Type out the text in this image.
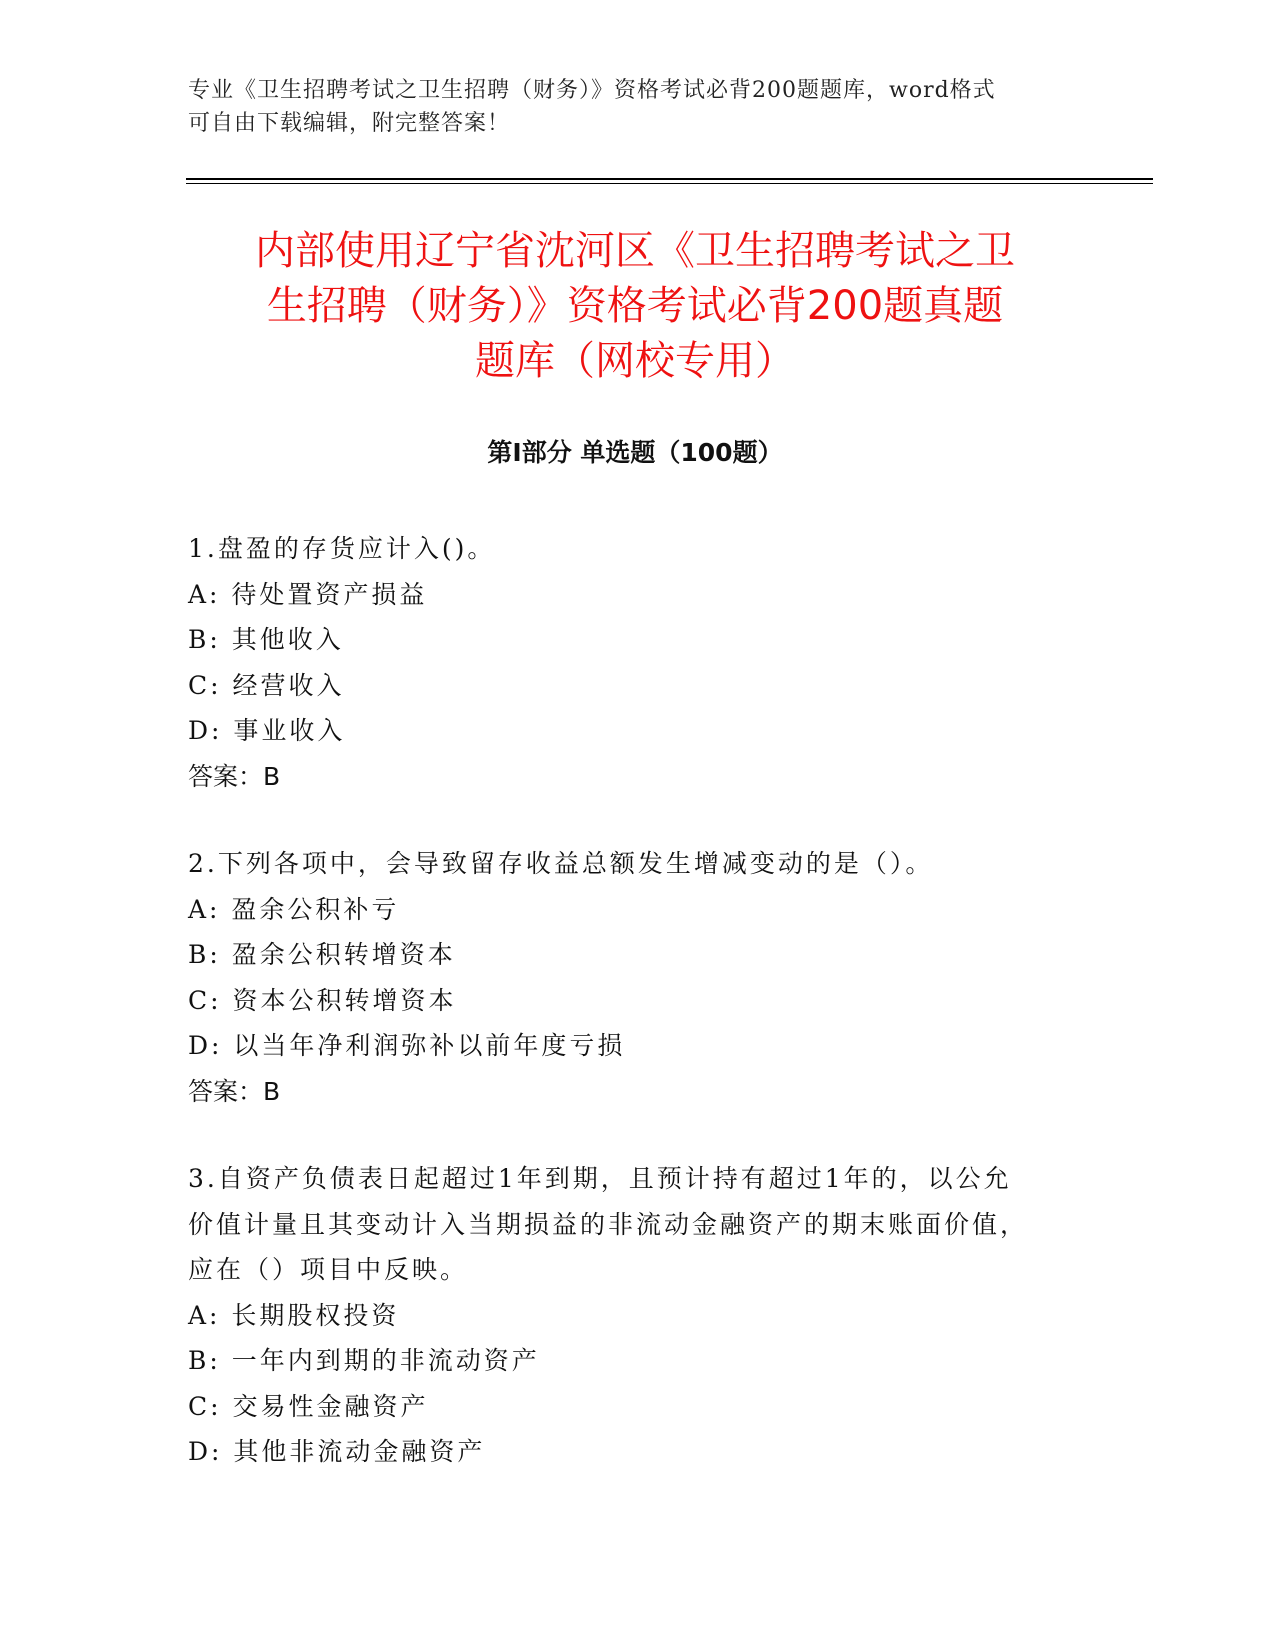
专业《卫生招聘考试之卫生招聘（财务）》资格考试必背200题题库，word格式
可自由下载编辑，附完整答案！
内部使用辽宁省沈河区《卫生招聘考试之卫
生招聘（财务）》资格考试必背200题真题
题库（网校专用）
第Ⅰ部分 单选题（100题）
1.盘盈的存货应计入()。
A: 待处置资产损益
B: 其他收入
C: 经营收入
D: 事业收入
答案：B
2.下列各项中，会导致留存收益总额发生增减变动的是（）。
A: 盈余公积补亏
B: 盈余公积转增资本
C: 资本公积转增资本
D: 以当年净利润弥补以前年度亏损
答案：B
3.自资产负债表日起超过1年到期，且预计持有超过1年的，以公允
价值计量且其变动计入当期损益的非流动金融资产的期末账面价值，
应在（）项目中反映。
A: 长期股权投资
B: 一年内到期的非流动资产
C: 交易性金融资产
D: 其他非流动金融资产
